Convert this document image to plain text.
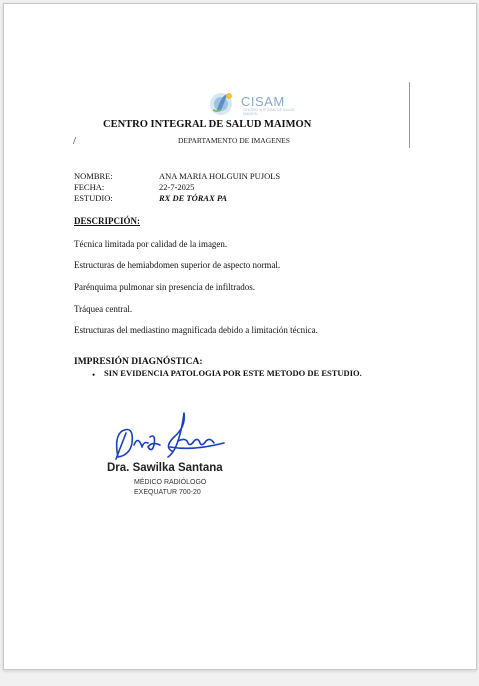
CISAM
CENTRO INTEGRAL DE SALUD MAIMON
CENTRO INTEGRAL DE SALUD MAIMON
/	DEPARTAMENTO DE IMAGENES
NOMBRE:	ANA MARIA HOLGUIN PUJOLS
FECHA:	22-7-2025
ESTUDIO:	RX DE TÓRAX PA
DESCRIPCIÓN:
Técnica limitada por calidad de la imagen.
Estructuras de hemiabdomen superior de aspecto normal.
Parénquima pulmonar sin presencia de infiltrados.
Tráquea central.
Estructuras del mediastino magnificada debido a limitación técnica.
IMPRESIÓN DIAGNÓSTICA:
• SIN EVIDENCIA PATOLOGIA POR ESTE METODO DE ESTUDIO.
Dra. Sawilka Santana
MÉDICO RADIÓLOGO
EXEQUATUR 700-20
